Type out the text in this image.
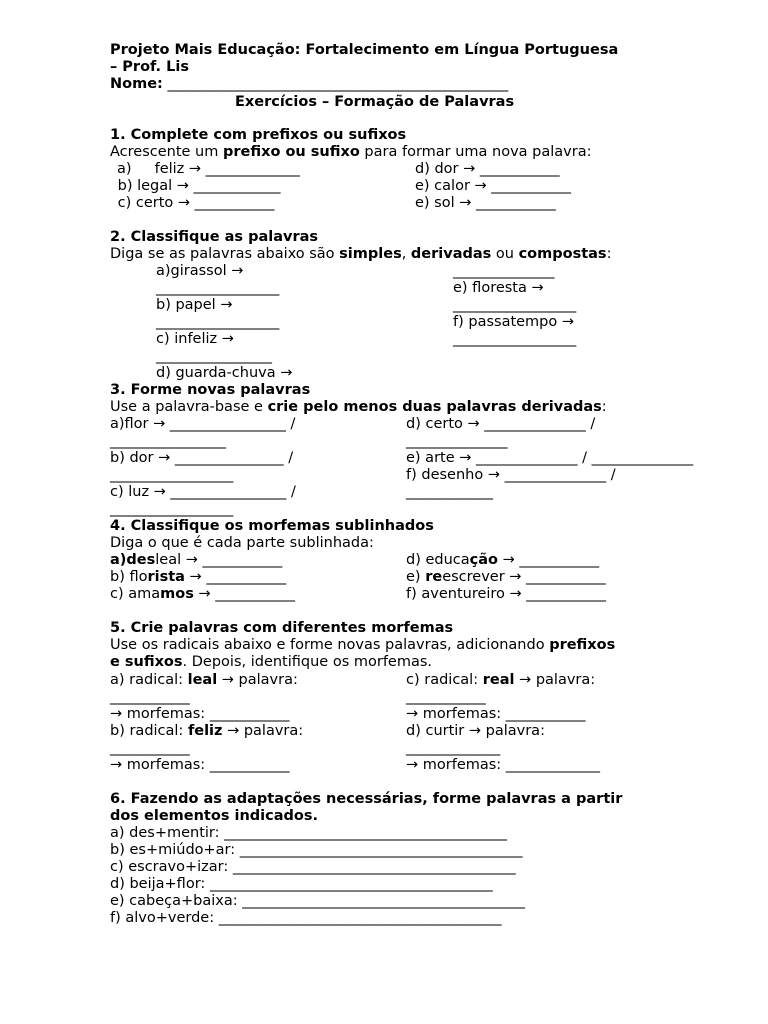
Projeto Mais Educação: Fortalecimento em Língua Portuguesa
– Prof. Lis
Nome: _______________________________________________
Exercícios – Formação de Palavras
1. Complete com prefixos ou sufixos
Acrescente um prefixo ou sufixo para formar uma nova palavra:
a)     feliz → _____________
b) legal → ____________
c) certo → ___________
d) dor → ___________
e) calor → ___________
e) sol → ___________
2. Classifique as palavras
Diga se as palavras abaixo são simples, derivadas ou compostas:
a)girassol →
_________________
b) papel →
_________________
c) infeliz →
________________
d) guarda-chuva →
______________
e) floresta →
_________________
f) passatempo →
_________________
3. Forme novas palavras
Use a palavra-base e crie pelo menos duas palavras derivadas:
a)flor → ________________ /
________________
b) dor → _______________ /
_________________
c) luz → ________________ /
_________________
d) certo → ______________ /
______________
e) arte → ______________ / ______________
f) desenho → ______________ /
____________
4. Classifique os morfemas sublinhados
Diga o que é cada parte sublinhada:
a)desleal → ___________
b) florista → ___________
c) amamos → ___________
d) educação → ___________
e) reescrever → ___________
f) aventureiro → ___________
5. Crie palavras com diferentes morfemas
Use os radicais abaixo e forme novas palavras, adicionando prefixos
e sufixos. Depois, identifique os morfemas.
a) radical: leal → palavra:
___________
→ morfemas: ___________
b) radical: feliz → palavra:
___________
→ morfemas: ___________
c) radical: real → palavra:
___________
→ morfemas: ___________
d) curtir → palavra:
_____________
→ morfemas: _____________
6. Fazendo as adaptações necessárias, forme palavras a partir
dos elementos indicados.
a) des+mentir: _______________________________________
b) es+miúdo+ar: _______________________________________
c) escravo+izar: _______________________________________
d) beija+flor: _______________________________________
e) cabeça+baixa: _______________________________________
f) alvo+verde: _______________________________________
